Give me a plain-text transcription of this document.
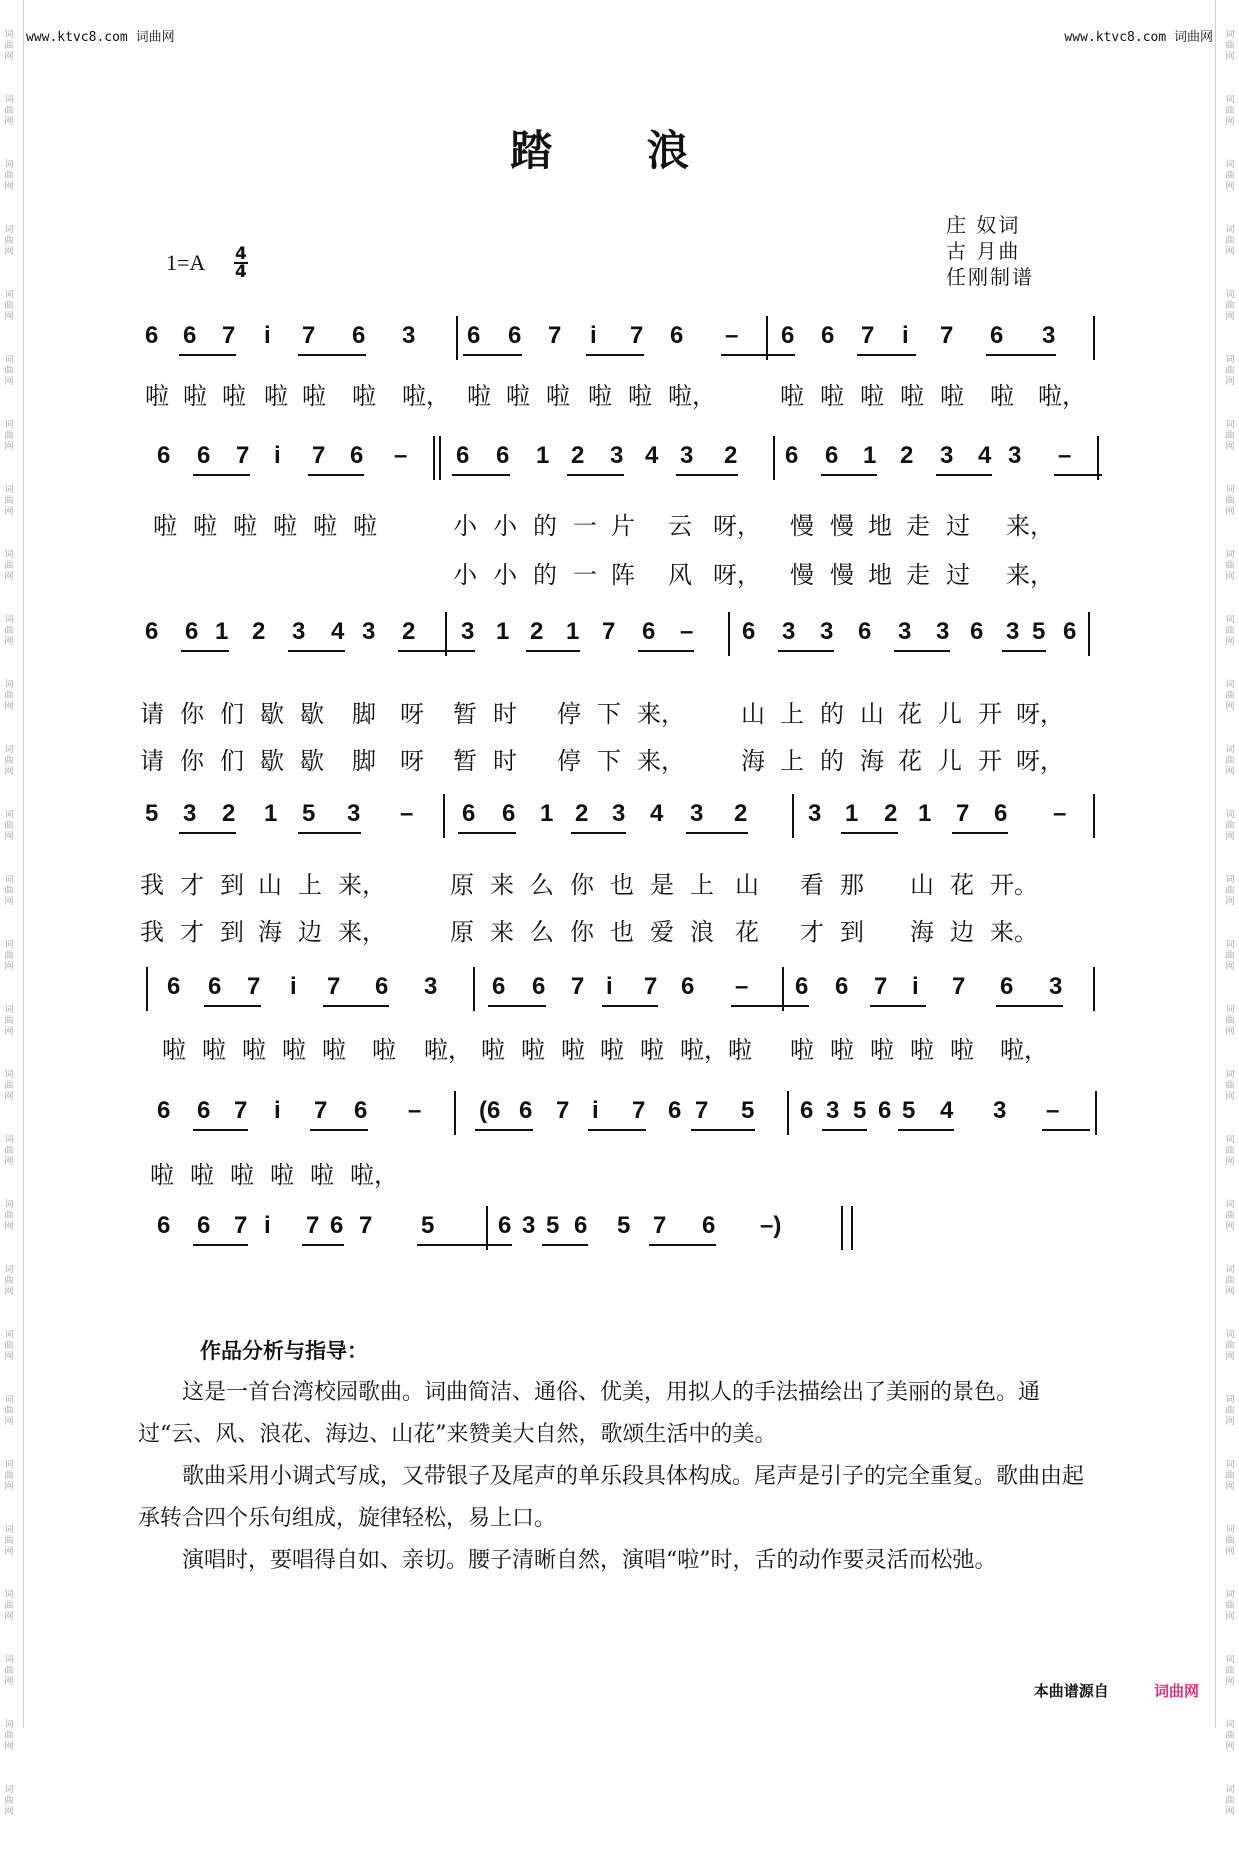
词
曲
网
词
曲
网
词
曲
网
词
曲
网
词
曲
网
词
曲
网
词
曲
网
词
曲
网
词
曲
网
词
曲
网
词
曲
网
词
曲
网
词
曲
网
词
曲
网
词
曲
网
词
曲
网
词
曲
网
词
曲
网
词
曲
网
词
曲
网
词
曲
网
词
曲
网
词
曲
网
词
曲
网
词
曲
网
词
曲
网
词
曲
网
词
曲
网
词
曲
网
词
曲
网
词
曲
网
词
曲
网
词
曲
网
词
曲
网
词
曲
网
词
曲
网
词
曲
网
词
曲
网
词
曲
网
词
曲
网
词
曲
网
词
曲
网
词
曲
网
词
曲
网
词
曲
网
词
曲
网
词
曲
网
词
曲
网
词
曲
网
词
曲
网
词
曲
网
词
曲
网
词
曲
网
词
曲
网
词
曲
网
词
曲
网
www.ktvc8.com 词曲网	www.ktvc8.com 词曲网
踏 浪
庄 奴词
古 月曲
任刚制谱
$1=A \frac{4}{4}$
6 6 7 i 7 6 3 6 6 7 i 7 6 – 6 6 7 i 7 6 3
6 6 7 i 7 6 – 6 6 1 2 3 4 3 2 6 6 1 2 3 4 3 –
6 6 1 2 3 4 3 2 3 1 2 1 7 6 – 6 3 3 6 3 3 6 3 5 6
5 3 2 1 5 3 – 6 6 1 2 3 4 3 2	3 1 2 1 7 6 –
6 6 7 i 7 6 3 6 6 7 i 7 6 – 6 6 7 i 7 6 3
6 6 7 i 7 6 – (6 6 7 i 7 6 7 5 6 3 5 6 5 4 3 –
6 6 7 i 7 6 7 5	6 3 5 6 5 7 6 –)
啦 啦 啦 啦 啦 啦 啦， 啦 啦 啦 啦 啦 啦，	啦 啦 啦 啦 啦 啦 啦，
啦 啦 啦 啦 啦 啦	小 小 的 一 片 云 呀， 慢 慢 地 走 过 来，
小 小 的 一 阵 风 呀， 慢 慢 地 走 过 来，
请 你 们 歇 歇 脚 呀 暂 时 停 下 来， 山 上 的 山 花 儿 开 呀，
请 你 们 歇 歇 脚 呀 暂 时 停 下 来， 海 上 的 海 花 儿 开 呀，
我 才 到 山 上 来，	原 来 么 你 也 是 上 山 看 那 山 花 开。
我 才 到 海 边 来，	原 来 么 你 也 爱 浪 花 才 到 海 边 来。
啦 啦 啦 啦 啦 啦 啦， 啦 啦 啦 啦 啦 啦，啦 啦 啦 啦 啦 啦 啦，
啦 啦 啦 啦 啦 啦，
作品分析与指导：

这是一首台湾校园歌曲。词曲简洁、通俗、优美，用拟人的手法描绘出了美丽的景色。通过“云、风、浪花、海边、山花”来赞美大自然，歌颂生活中的美。

歌曲采用小调式写成，又带银子及尾声的单乐段具体构成。尾声是引子的完全重复。歌曲由起承转合四个乐句组成，旋律轻松，易上口。

演唱时，要唱得自如、亲切。腰子清晰自然，演唱“啦”时，舌的动作要灵活而松弛。

本曲谱源自	词曲网
